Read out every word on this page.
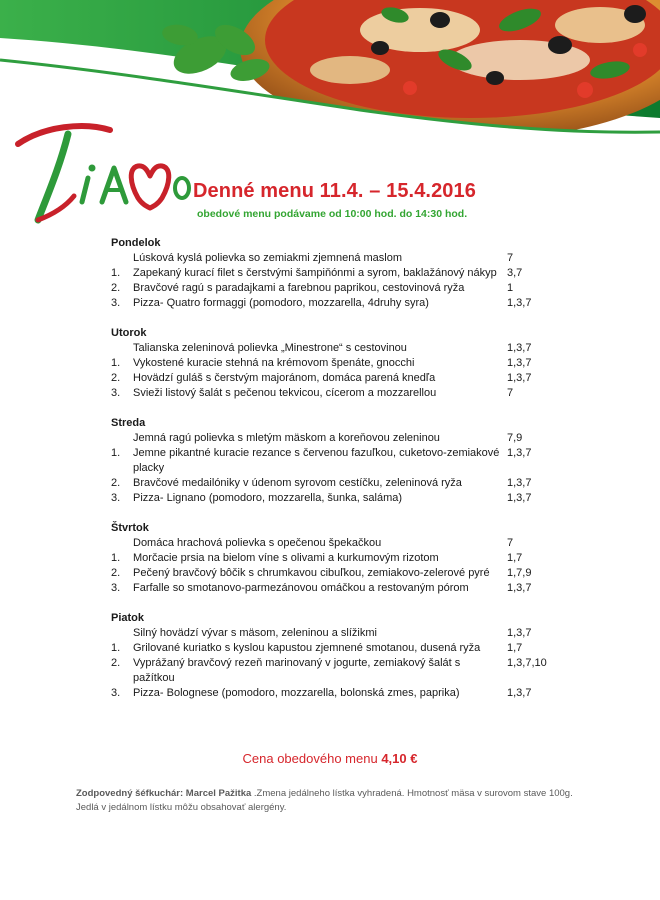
Denné menu 11.4. – 15.4.2016
obedové menu podávame od 10:00 hod. do 14:30 hod.
Pondelok
Lúsková kyslá polievka so zemiakmi zjemnená maslom	7
1.	Zapekaný kurací filet s čerstvými šampiňónmi a syrom, baklažánový nákyp 3,7
2.	Bravčové ragú s paradajkami a farebnou paprikou, cestovinová ryža	1
3.	Pizza- Quatro formaggi (pomodoro, mozzarella, 4druhy syra)	1,3,7
Utorok
Talianska zeleninová polievka „Minestrone“ s cestovinou	1,3,7
1.	Vykostené kuracie stehná na krémovom špenáte, gnocchi	1,3,7
2.	Hovädzí guláš s čerstvým majoránom, domáca parená knedľa	1,3,7
3.	Svieži listový šalát s pečenou tekvicou, cícerom a mozzarellou	7
Streda
Jemná ragú polievka s mletým mäskom a koreňovou zeleninou	7,9
1.	Jemne pikantné kuracie rezance s červenou fazuľkou, cuketovo-zemiakové placky
1,3,7
2.	Bravčové medailóniky v údenom syrovom cestíčku, zeleninová ryža	1,3,7
3.	Pizza- Lignano (pomodoro, mozzarella, šunka, saláma)	1,3,7
Štvrtok
Domáca hrachová polievka s opečenou špekačkou	7
1.	Morčacie prsia na bielom víne s olivami a kurkumovým rizotom	1,7
2.	Pečený bravčový bôčik s chrumkavou cibuľkou, zemiakovo-zelerové pyré	1,7,9
3.	Farfalle so smotanovo-parmezánovou omáčkou a restovaným pórom	1,3,7
Piatok
Silný hovädzí vývar s mäsom, zeleninou a slížikmi	1,3,7
1.	Grilované kuriatko s kyslou kapustou zjemnené smotanou, dusená ryža	1,7
2.	Vyprážaný bravčový rezeň marinovaný v jogurte, zemiakový šalát s pažítkou
1,3,7,10
3.	Pizza- Bolognese (pomodoro, mozzarella, bolonská zmes, paprika)	1,3,7
Cena obedového menu 4,10 €
Zodpovedný šéfkuchár: Marcel Pažitka .Zmena jedálneho lístka vyhradená. Hmotnosť mäsa v surovom stave 100g. Jedlá v jedálnom lístku môžu obsahovať alergény.
